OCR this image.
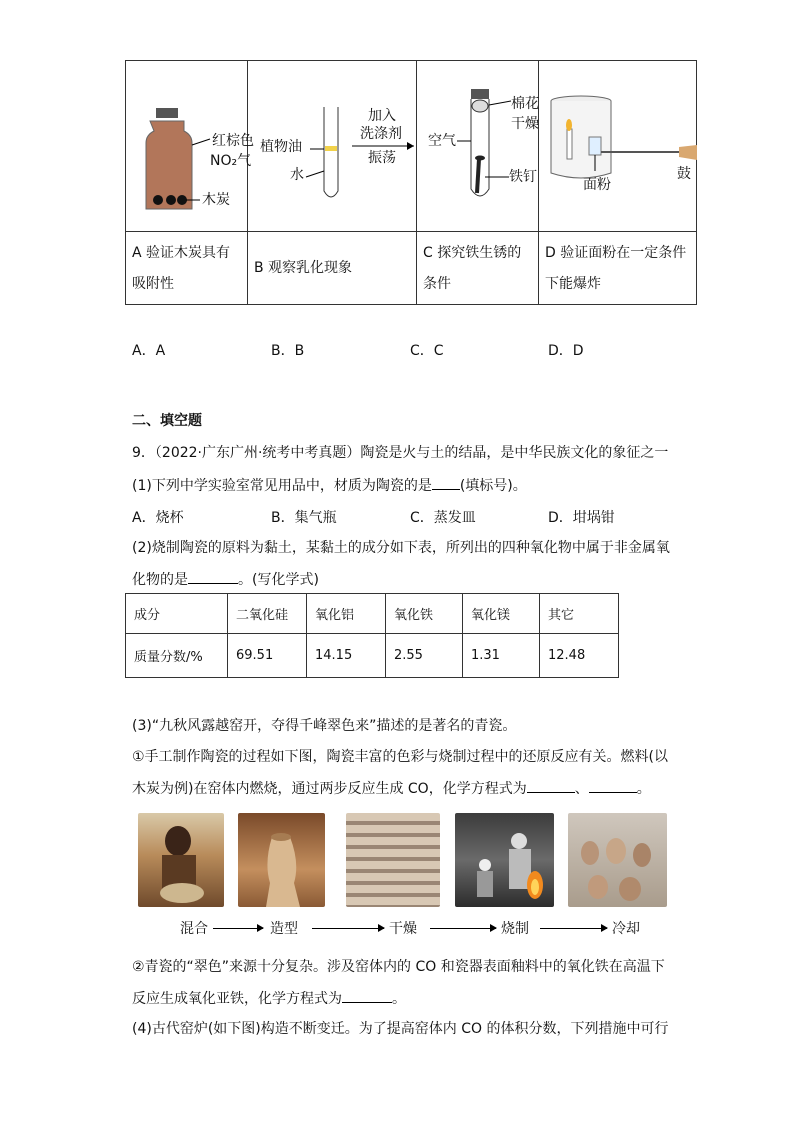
红棕色
NO₂气
木炭	植物油
水
加入
洗涤剂
振荡	棉花
干燥
空气
铁钉	面粉
鼓

A 验证木炭具有吸附性	B 观察乳化现象	C 探究铁生锈的条件	D 验证面粉在一定条件下能爆炸
A．A	B．B	C．C	D．D
二、填空题
9．（2022·广东广州·统考中考真题）陶瓷是火与土的结晶，是中华民族文化的象征之一
(1)下列中学实验室常见用品中，材质为陶瓷的是 (填标号)。
A．烧杯	B．集气瓶	C．蒸发皿	D．坩埚钳
(2)烧制陶瓷的原料为黏土，某黏土的成分如下表，所列出的四种氧化物中属于非金属氧
化物的是	。(写化学式)
成分	二氧化硅	氧化铝	氧化铁	氧化镁	其它
质量分数/%	69.51	14.15	2.55	1.31	12.48
(3)“九秋风露越窑开，夺得千峰翠色来”描述的是著名的青瓷。
①手工制作陶瓷的过程如下图，陶瓷丰富的色彩与烧制过程中的还原反应有关。燃料(以
木炭为例)在窑体内燃烧，通过两步反应生成 CO，化学方程式为	、	。
混合	造型	干燥	烧制	冷却
②青瓷的“翠色”来源十分复杂。涉及窑体内的 CO 和瓷器表面釉料中的氧化铁在高温下
反应生成氧化亚铁，化学方程式为	。
(4)古代窑炉(如下图)构造不断变迁。为了提高窑体内 CO 的体积分数，下列措施中可行
